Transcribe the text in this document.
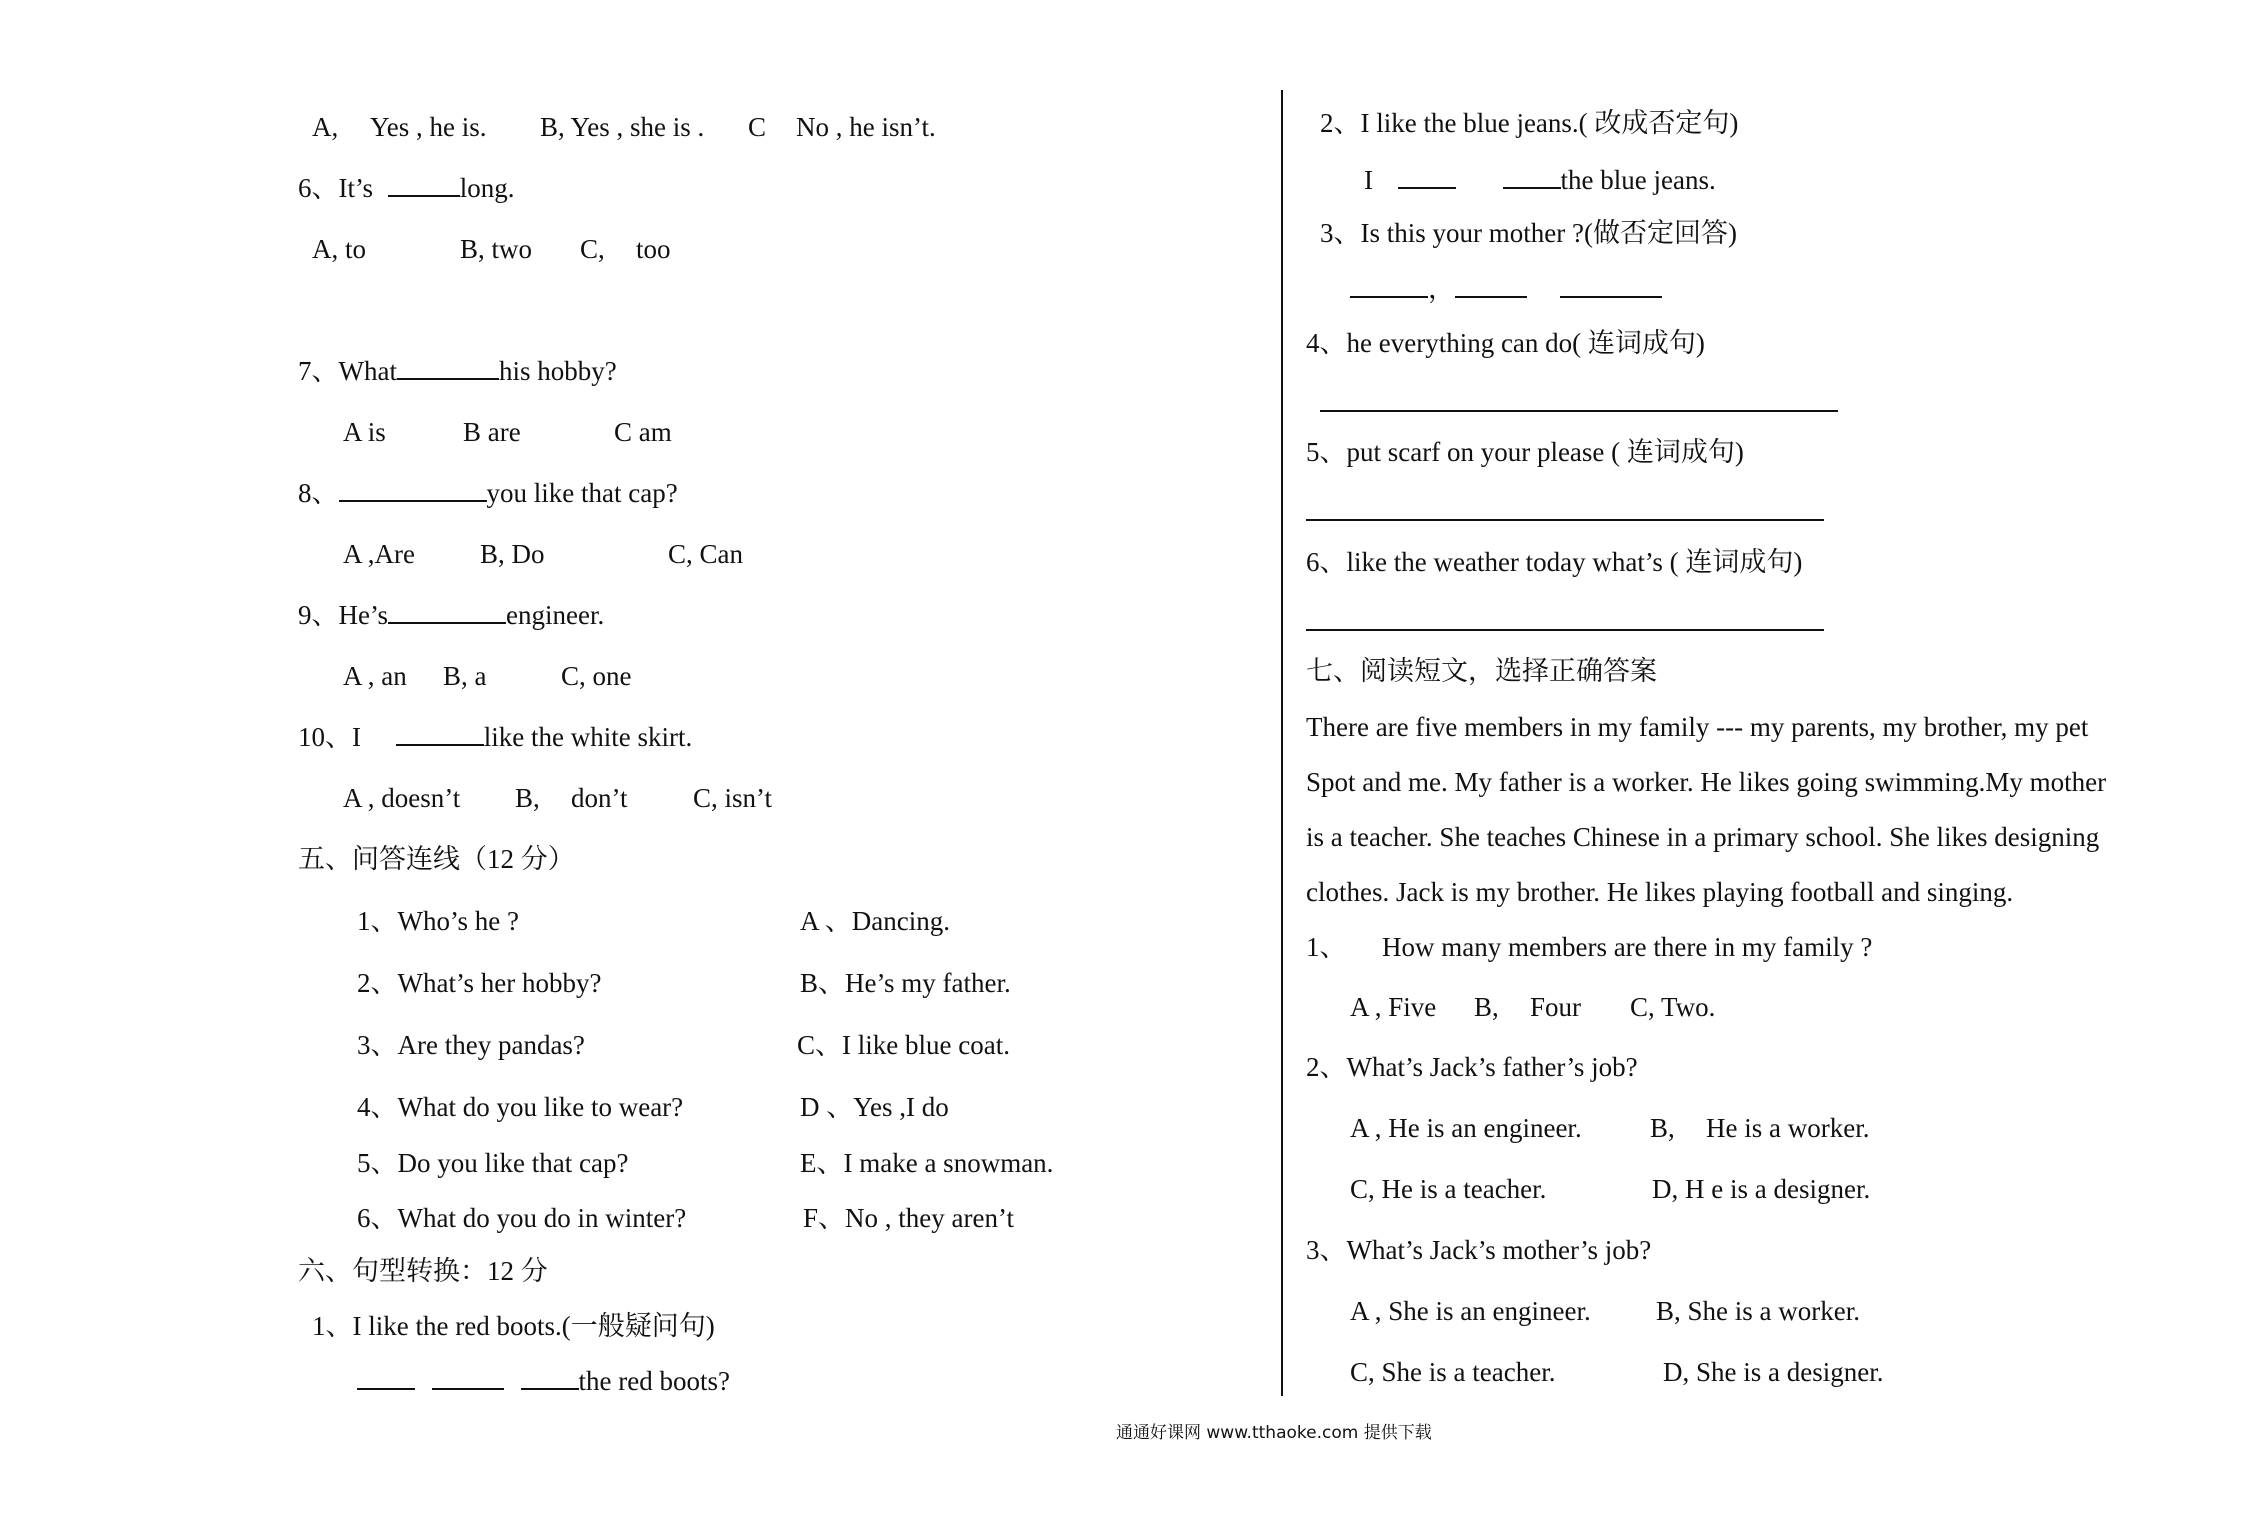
A, Yes , he is. B, Yes , she is . C No , he isn’t.
6、It’s	long.
A, to	B, two C, too
7、What	his hobby?
A is	B are	C am
8、	you like that cap?
A ,Are B, Do	C, Can
9、He’s	engineer.
A , an B, a	C, one
10、I	like the white skirt.
A , doesn’t B, don’t C, isn’t
五、问答连线（12 分）
1、Who’s he ?	A 、Dancing.
2、What’s her hobby?	B、He’s my father.
3、Are they pandas?	C、I like blue coat.
4、What do you like to wear?	D 、Yes ,I do
5、Do you like that cap?	E、I make a snowman.
6、What do you do in winter?	F、No , they aren’t
六、句型转换：12 分
1、I like the red boots.(一般疑问句)
the red boots?
2、I like the blue jeans.( 改成否定句)
I	the blue jeans.
3、Is this your mother ?(做否定回答)
，
4、he everything can do( 连词成句)
5、put scarf on your please ( 连词成句)
6、like the weather today what’s ( 连词成句)
七、阅读短文，选择正确答案
There are five members in my family --- my parents, my brother, my pet
Spot and me. My father is a worker. He likes going swimming.My mother
is a teacher. She teaches Chinese in a primary school. She likes designing
clothes. Jack is my brother. He likes playing football and singing.
1、 How many members are there in my family ?
A , Five B, Four C, Two.
2、What’s Jack’s father’s job?
A , He is an engineer.	B, He is a worker.
C, He is a teacher.	D, H e is a designer.
3、What’s Jack’s mother’s job?
A , She is an engineer. B, She is a worker.
C, She is a teacher.	D, She is a designer.
通通好课网 www.tthaoke.com 提供下载
